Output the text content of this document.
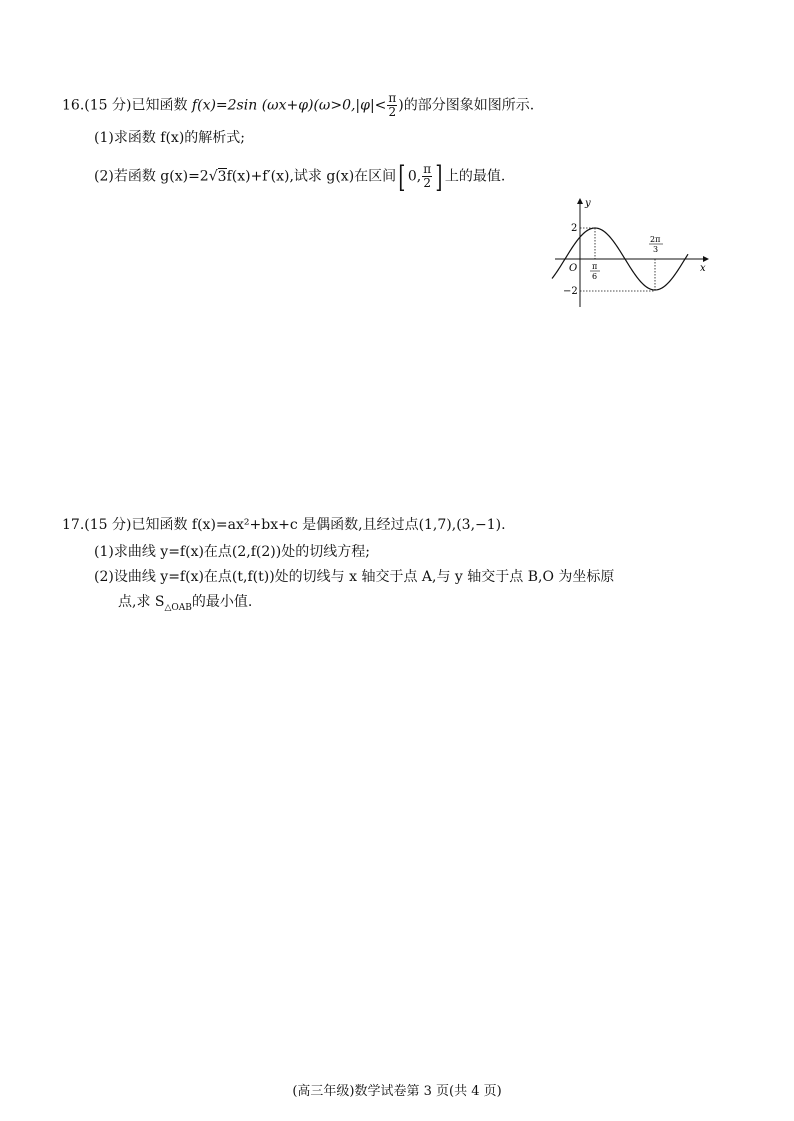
16.(15 分)已知函数 f(x)=2sin $(\omega x+\varphi)(\omega>0,|\varphi|< \frac{\pi}{2}$ )的部分图象如图所示.
(1)求函数 f(x)的解析式;
(2)若函数 g(x)=2√3f(x)+f′(x),试求 g(x)在区间[ 0, $\frac{\pi}{2}$ ] 上的最值.
y
x
O
2
−2
π
6
2π
3
17.(15 分)已知函数 f(x)=ax²+bx+c 是偶函数,且经过点(1,7),(3,−1).
(1)求曲线 y=f(x)在点(2,f(2))处的切线方程;
(2)设曲线 y=f(x)在点(t,f(t))处的切线与 x 轴交于点 A,与 y 轴交于点 B,O 为坐标原
点,求 $S_{\triangle OAB}$的最小值.
(高三年级)数学试卷第 3 页(共 4 页)
